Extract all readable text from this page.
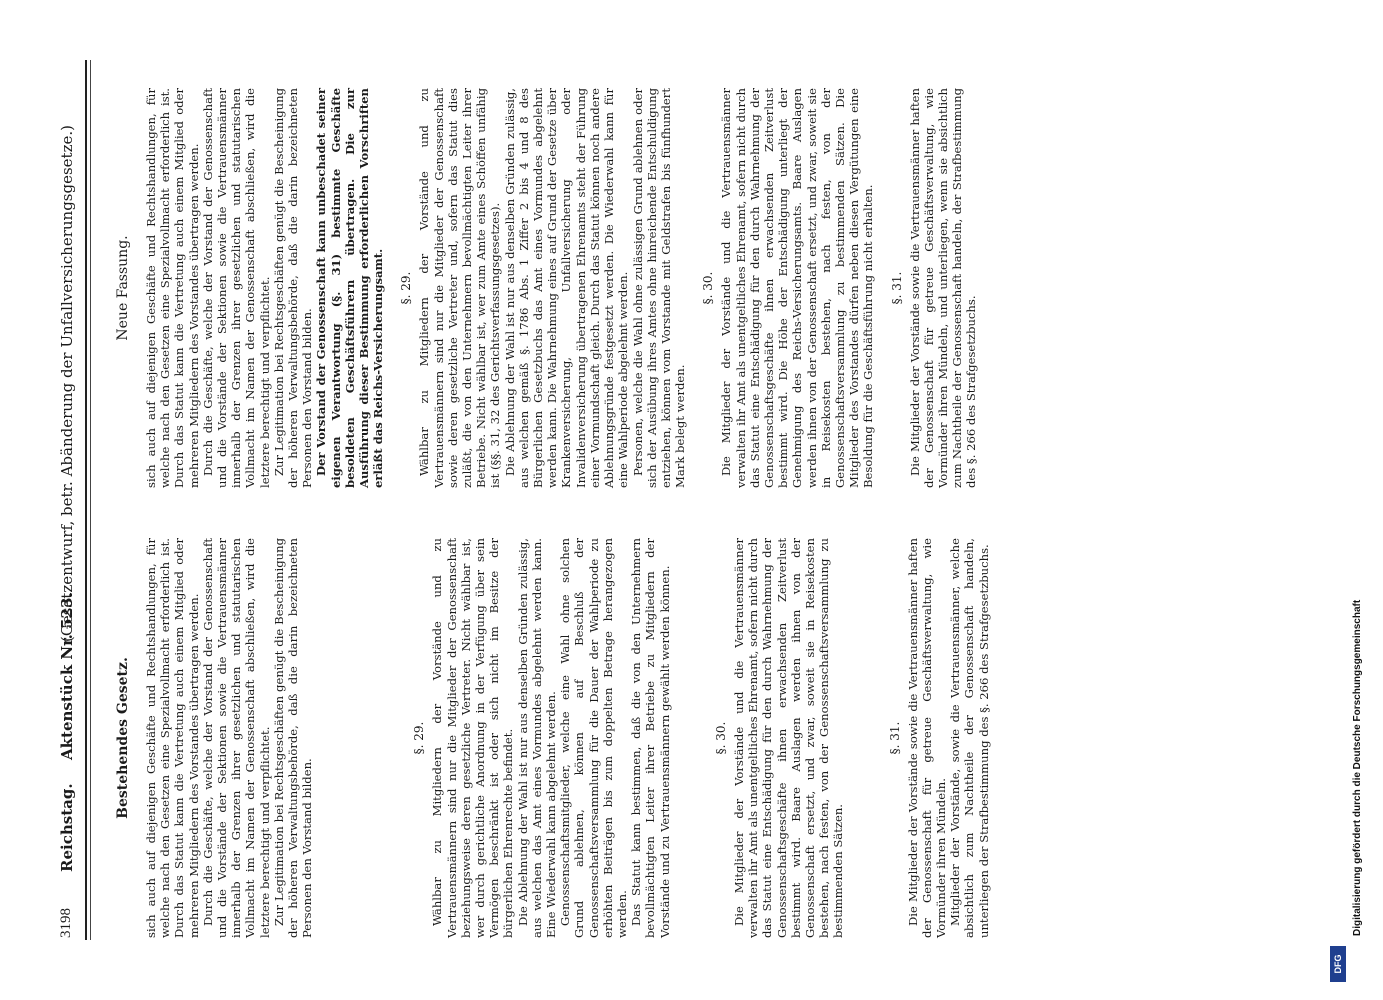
3198
Reichstag.
Aktenstück Nr. 523.
(Gesetzentwurf, betr. Abänderung der Unfallversicherungsgesetze.)
Bestehendes Gesetz.	sich auch auf diejenigen Geschäfte und Rechtshandlungen, für welche nach den Gesetzen eine Spezialvollmacht erforderlich ist. Durch das Statut kann die Vertretung auch einem Mitglied oder mehreren Mitgliedern des Vorstandes übertragen werden. Durch die Geschäfte, welche der Vorstand der Genossenschaft und die Vorstände der Sektionen sowie die Vertrauensmänner innerhalb der Grenzen ihrer gesetzlichen und statutarischen Vollmacht im Namen der Genossenschaft abschließen, wird die letztere berechtigt und verpflichtet. Zur Legitimation bei Rechtsgeschäften genügt die Bescheinigung der höheren Verwaltungsbehörde, daß die darin bezeichneten Personen den Vorstand bilden.

§. 29. Wählbar zu Mitgliedern der Vorstände und zu Vertrauensmännern sind nur die Mitglieder der Genossenschaft beziehungsweise deren gesetzliche Vertreter. Nicht wählbar ist, wer durch gerichtliche Anordnung in der Verfügung über sein Vermögen beschränkt ist oder sich nicht im Besitze der bürgerlichen Ehrenrechte befindet. Die Ablehnung der Wahl ist nur aus denselben Gründen zulässig, aus welchen das Amt eines Vormundes abgelehnt werden kann. Eine Wiederwahl kann abgelehnt werden. Genossenschaftsmitglieder, welche eine Wahl ohne solchen Grund ablehnen, können auf Beschluß der Genossenschaftsversammlung für die Dauer der Wahlperiode zu erhöhten Beiträgen bis zum doppelten Betrage herangezogen werden. Das Statut kann bestimmen, daß die von den Unternehmern bevollmächtigten Leiter ihrer Betriebe zu Mitgliedern der Vorstände und zu Vertrauensmännern gewählt werden können.	§. 30. Die Mitglieder der Vorstände und die Vertrauensmänner verwalten ihr Amt als unentgeltliches Ehrenamt, sofern nicht durch das Statut eine Entschädigung für den durch Wahrnehmung der Genossenschaftsgeschäfte ihnen erwachsenden Zeitverlust bestimmt wird. Baare Auslagen werden ihnen von der Genossenschaft ersetzt, und zwar, soweit sie in Reisekosten bestehen, nach festen, von der Genossenschaftsversammlung zu bestimmenden Sätzen.

§. 31. Die Mitglieder der Vorstände sowie die Vertrauensmänner haften der Genossenschaft für getreue Geschäftsverwaltung, wie Vormünder ihren Mündeln. Mitglieder der Vorstände, sowie die Vertrauensmänner, welche absichtlich zum Nachtheile der Genossenschaft handeln, unterliegen der Strafbestimmung des §. 266 des Strafgesetzbuchs.

Neue Fassung.	sich auch auf diejenigen Geschäfte und Rechtshandlungen, für welche nach den Gesetzen eine Spezialvollmacht erforderlich ist. Durch das Statut kann die Vertretung auch einem Mitglied oder mehreren Mitgliedern des Vorstandes übertragen werden. Durch die Geschäfte, welche der Vorstand der Genossenschaft und die Vorstände der Sektionen sowie die Vertrauensmänner innerhalb der Grenzen ihrer gesetzlichen und statutarischen Vollmacht im Namen der Genossenschaft abschließen, wird die letztere berechtigt und verpflichtet. Zur Legitimation bei Rechtsgeschäften genügt die Bescheinigung der höheren Verwaltungsbehörde, daß die darin bezeichneten Personen den Vorstand bilden. Der Vorstand der Genossenschaft kann unbeschadet seiner eigenen Verantwortung (§. 31) bestimmte Geschäfte besoldeten Geschäftsführern übertragen. Die zur Ausführung dieser Bestimmung erforderlichen Vorschriften erläßt das Reichs-Versicherungsamt. §. 29. Wählbar zu Mitgliedern der Vorstände und zu Vertrauensmännern sind nur die Mitglieder der Genossenschaft sowie deren gesetzliche Vertreter und, sofern das Statut dies zuläßt, die von den Unternehmern bevollmächtigten Leiter ihrer Betriebe. Nicht wählbar ist, wer zum Amte eines Schöffen unfähig ist (§§. 31, 32 des Gerichtsverfassungsgesetzes). Die Ablehnung der Wahl ist nur aus denselben Gründen zulässig, aus welchen gemäß §. 1786 Abs. 1 Ziffer 2 bis 4 und 8 des Bürgerlichen Gesetzbuchs das Amt eines Vormundes abgelehnt werden kann. Die Wahrnehmung eines auf Grund der Gesetze über Krankenversicherung, Unfallversicherung oder Invalidenversicherung übertragenen Ehrenamts steht der Führung einer Vormundschaft gleich. Durch das Statut können noch andere Ablehnungsgründe festgesetzt werden. Die Wiederwahl kann für eine Wahlperiode abgelehnt werden. Personen, welche die Wahl ohne zulässigen Grund ablehnen oder sich der Ausübung ihres Amtes ohne hinreichende Entschuldigung entziehen, können vom Vorstande mit Geldstrafen bis fünfhundert Mark belegt werden.

§. 30. Die Mitglieder der Vorstände und die Vertrauensmänner verwalten ihr Amt als unentgeltliches Ehrenamt, sofern nicht durch das Statut eine Entschädigung für den durch Wahrnehmung der Genossenschaftsgeschäfte ihnen erwachsenden Zeitverlust bestimmt wird. Die Höhe der Entschädigung unterliegt der Genehmigung des Reichs-Versicherungsamts. Baare Auslagen werden ihnen von der Genossenschaft ersetzt, und zwar, soweit sie in Reisekosten bestehen, nach festen, von der Genossenschaftsversammlung zu bestimmenden Sätzen. Die Mitglieder des Vorstandes dürfen neben diesen Vergütungen eine Besoldung für die Geschäftsführung nicht erhalten. §. 31. Die Mitglieder der Vorstände sowie die Vertrauensmänner haften der Genossenschaft für getreue Geschäftsverwaltung, wie Vormünder ihren Mündeln, und unterliegen, wenn sie absichtlich zum Nachtheile der Genossenschaft handeln, der Strafbestimmung des §. 266 des Strafgesetzbuchs.

DFG
Digitalisierung gefördert durch die Deutsche Forschungsgemeinschaft
